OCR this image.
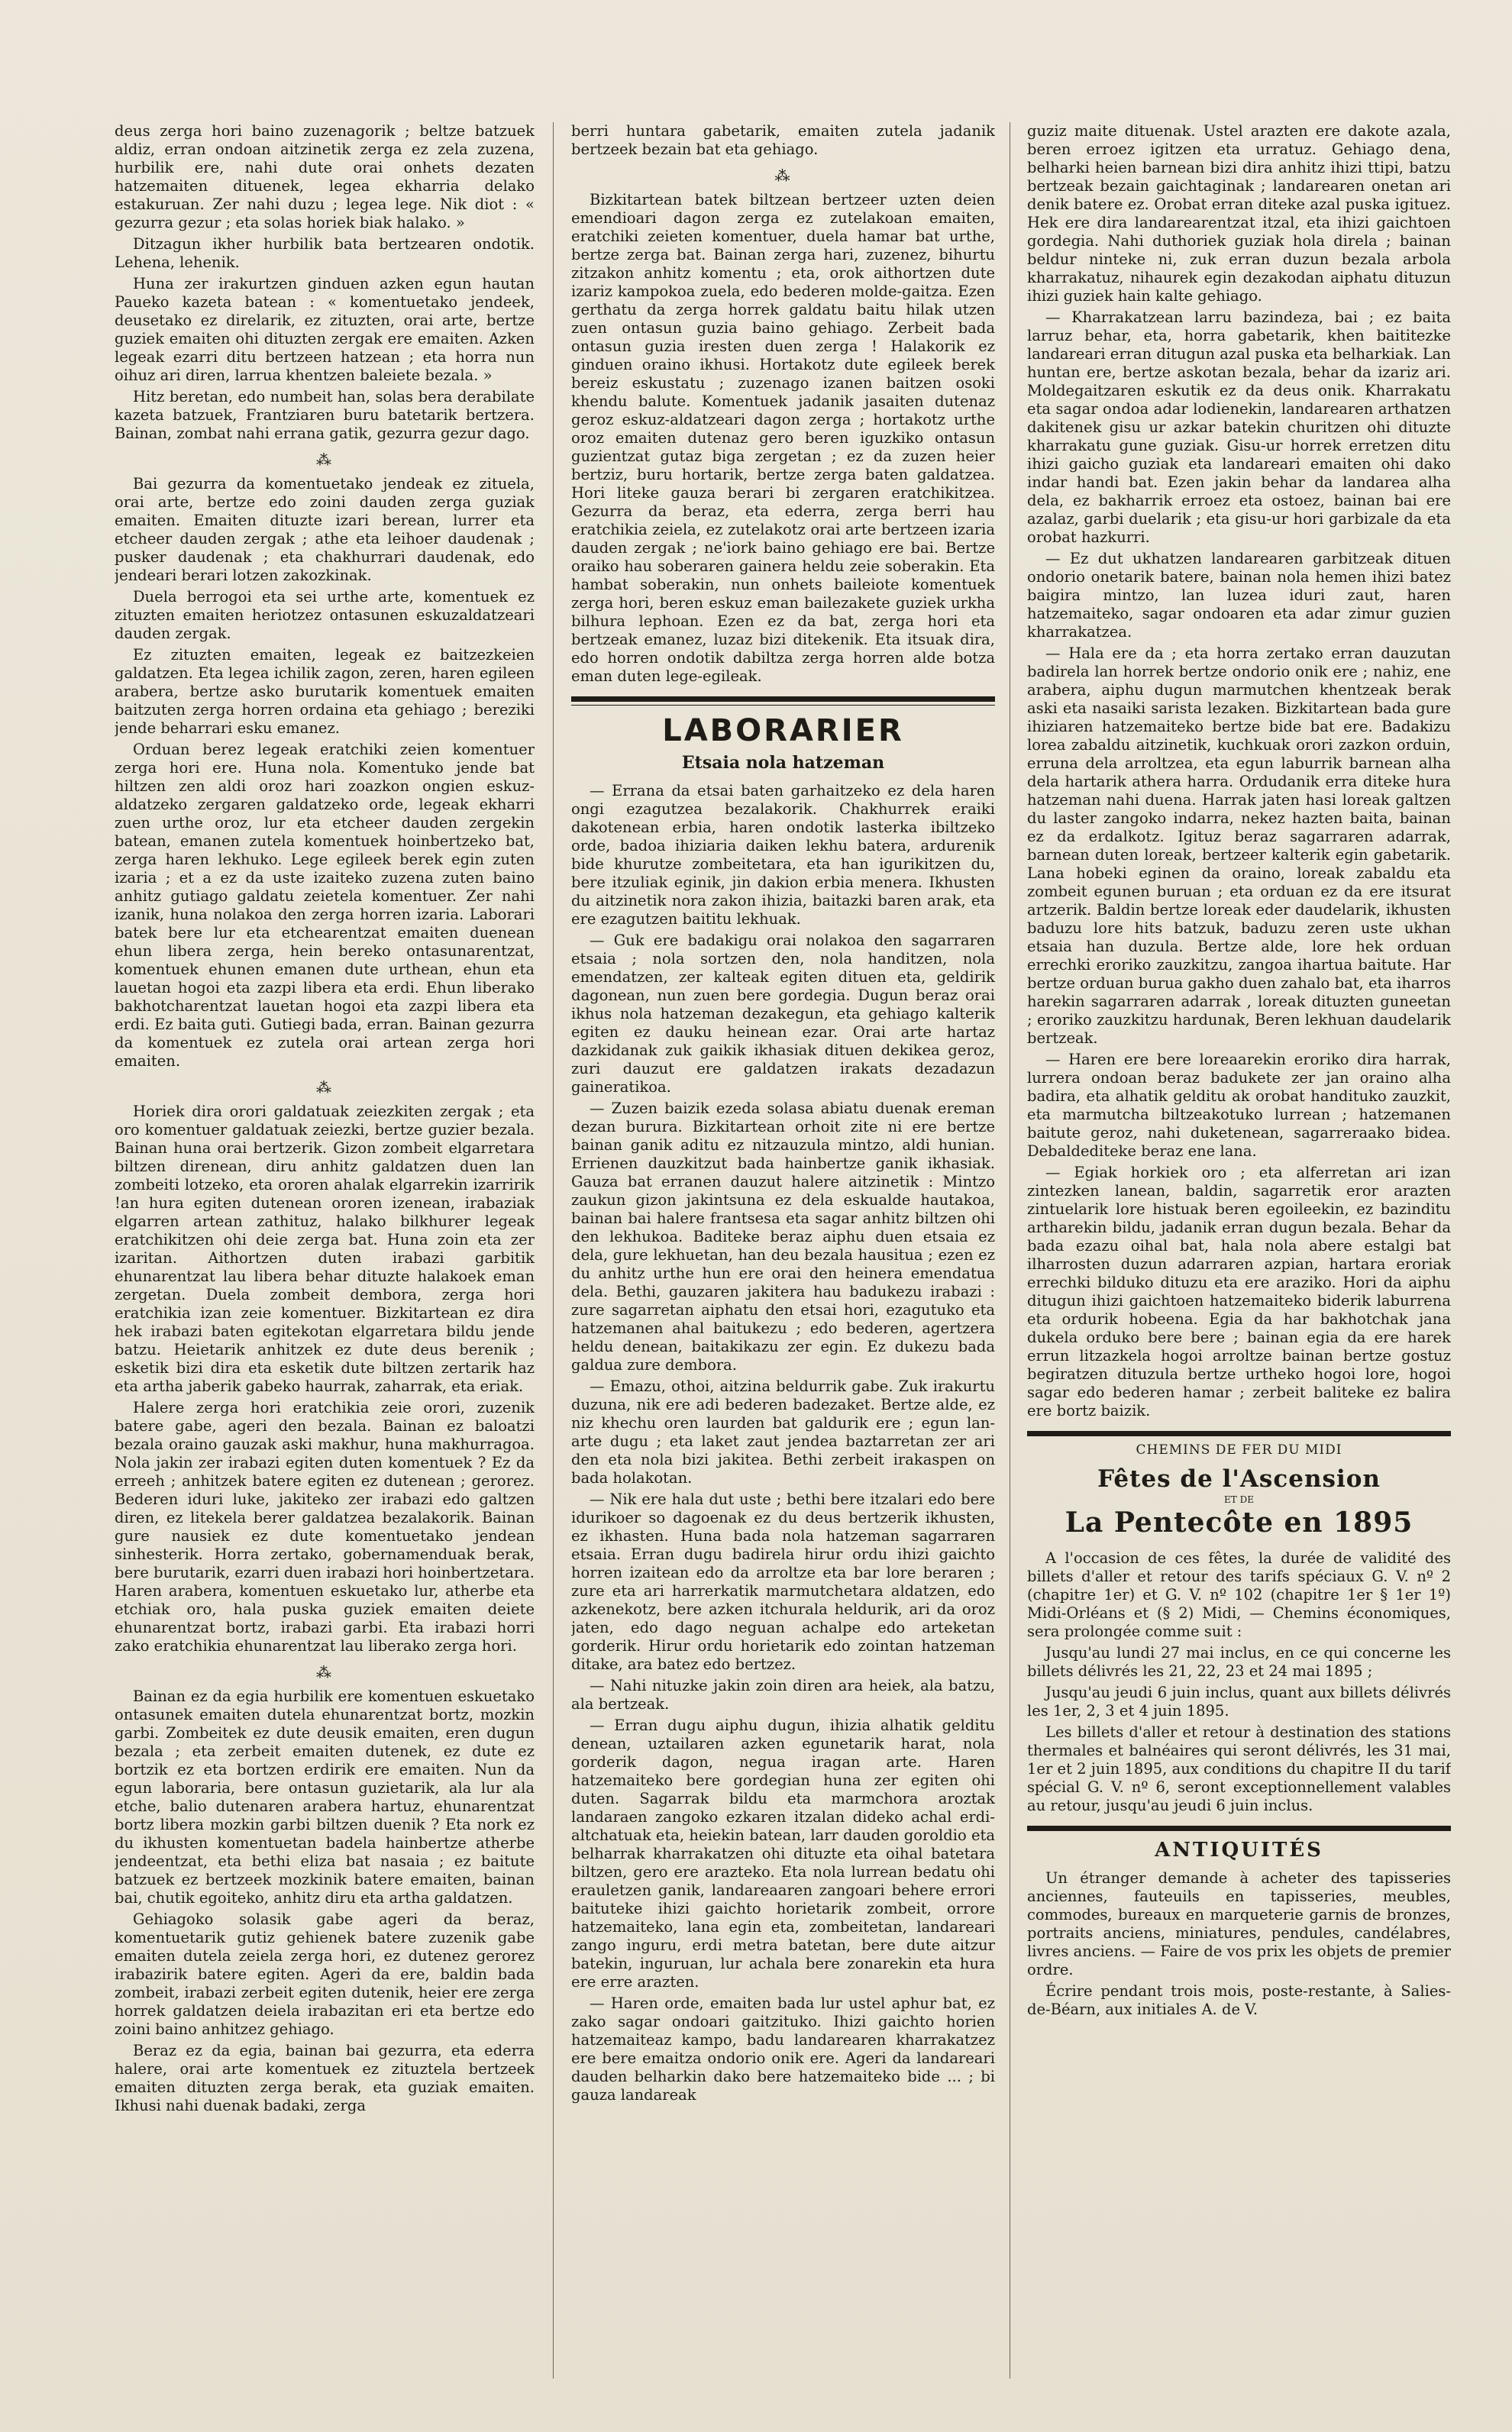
deus zerga hori baino zuzenagorik ; beltze batzuek aldiz, erran ondoan aitzinetik zerga ez zela zuzena, hurbilik ere, nahi dute orai onhets dezaten hatzemaiten dituenek, legea ekharria delako estakuruan. Zer nahi duzu ; legea lege. Nik diot : « gezurra gezur ; eta solas horiek biak halako. »

Ditzagun ikher hurbilik bata bertzearen ondotik. Lehena, lehenik.

Huna zer irakurtzen ginduen azken egun hautan Paueko kazeta batean : « komentuetako jendeek, deusetako ez direlarik, ez zituzten, orai arte, bertze guziek emaiten ohi dituzten zergak ere emaiten. Azken legeak ezarri ditu bertzeen hatzean ; eta horra nun oihuz ari diren, larrua khentzen baleiete bezala. »

Hitz beretan, edo numbeit han, solas bera derabilate kazeta batzuek, Frantziaren buru batetarik bertzera. Bainan, zombat nahi errana gatik, gezurra gezur dago.

⁂

Bai gezurra da komentuetako jendeak ez zituela, orai arte, bertze edo zoini dauden zerga guziak emaiten. Emaiten dituzte izari berean, lurrer eta etcheer dauden zergak ; athe eta leihoer daudenak ; pusker daudenak ; eta chakhurrari daudenak, edo jendeari berari lotzen zakozkinak.

Duela berrogoi eta sei urthe arte, komentuek ez zituzten emaiten heriotzez ontasunen eskuzaldatzeari dauden zergak.

Ez zituzten emaiten, legeak ez baitzezkeien galdatzen. Eta legea ichilik zagon, zeren, haren egileen arabera, bertze asko burutarik komentuek emaiten baitzuten zerga horren ordaina eta gehiago ; bereziki jende beharrari esku emanez.

Orduan berez legeak eratchiki zeien komentuer zerga hori ere. Huna nola. Komentuko jende bat hiltzen zen aldi oroz hari zoazkon ongien eskuz-aldatzeko zergaren galdatzeko orde, legeak ekharri zuen urthe oroz, lur eta etcheer dauden zergekin batean, emanen zutela komentuek hoinbertzeko bat, zerga haren lekhuko. Lege egileek berek egin zuten izaria ; et a ez da uste izaiteko zuzena zuten baino anhitz gutiago galdatu zeietela komentuer. Zer nahi izanik, huna nolakoa den zerga horren izaria. Laborari batek bere lur eta etchearentzat emaiten duenean ehun libera zerga, hein bereko ontasunarentzat, komentuek ehunen emanen dute urthean, ehun eta lauetan hogoi eta zazpi libera eta erdi. Ehun liberako bakhotcharentzat lauetan hogoi eta zazpi libera eta erdi. Ez baita guti. Gutiegi bada, erran. Bainan gezurra da komentuek ez zutela orai artean zerga hori emaiten.

⁂

Horiek dira orori galdatuak zeiezkiten zergak ; eta oro komentuer galdatuak zeiezki, bertze guzier bezala. Bainan huna orai bertzerik. Gizon zombeit elgarretara biltzen direnean, diru anhitz galdatzen duen lan zombeiti lotzeko, eta ororen ahalak elgarrekin izarririk !an hura egiten dutenean ororen izenean, irabaziak elgarren artean zathituz, halako bilkhurer legeak eratchikitzen ohi deie zerga bat. Huna zoin eta zer izaritan. Aithortzen duten irabazi garbitik ehunarentzat lau libera behar dituzte halakoek eman zergetan. Duela zombeit dembora, zerga hori eratchikia izan zeie komentuer. Bizkitartean ez dira hek irabazi baten egitekotan elgarretara bildu jende batzu. Heietarik anhitzek ez dute deus berenik ; esketik bizi dira eta esketik dute biltzen zertarik haz eta artha jaberik gabeko haurrak, zaharrak, eta eriak.

Halere zerga hori eratchikia zeie orori, zuzenik batere gabe, ageri den bezala. Bainan ez baloatzi bezala oraino gauzak aski makhur, huna makhurragoa. Nola jakin zer irabazi egiten duten komentuek ? Ez da erreeh ; anhitzek batere egiten ez dutenean ; gerorez. Bederen iduri luke, jakiteko zer irabazi edo galtzen diren, ez litekela berer galdatzea bezalakorik. Bainan gure nausiek ez dute komentuetako jendean sinhesterik. Horra zertako, gobernamenduak berak, bere burutarik, ezarri duen irabazi hori hoinbertzetara. Haren arabera, komentuen eskuetako lur, atherbe eta etchiak oro, hala puska guziek emaiten deiete ehunarentzat bortz, irabazi garbi. Eta irabazi horri zako eratchikia ehunarentzat lau liberako zerga hori.

⁂

Bainan ez da egia hurbilik ere komentuen eskuetako ontasunek emaiten dutela ehunarentzat bortz, mozkin garbi. Zombeitek ez dute deusik emaiten, eren dugun bezala ; eta zerbeit emaiten dutenek, ez dute ez bortzik ez eta bortzen erdirik ere emaiten. Nun da egun laboraria, bere ontasun guzietarik, ala lur ala etche, balio dutenaren arabera hartuz, ehunarentzat bortz libera mozkin garbi biltzen duenik ? Eta nork ez du ikhusten komentuetan badela hainbertze atherbe jendeentzat, eta bethi eliza bat nasaia ; ez baitute batzuek ez bertzeek mozkinik batere emaiten, bainan bai, chutik egoiteko, anhitz diru eta artha galdatzen.

Gehiagoko solasik gabe ageri da beraz, komentuetarik gutiz gehienek batere zuzenik gabe emaiten dutela zeiela zerga hori, ez dutenez gerorez irabazirik batere egiten. Ageri da ere, baldin bada zombeit, irabazi zerbeit egiten dutenik, heier ere zerga horrek galdatzen deiela irabazitan eri eta bertze edo zoini baino anhitzez gehiago.

Beraz ez da egia, bainan bai gezurra, eta ederra halere, orai arte komentuek ez zituztela bertzeek emaiten dituzten zerga berak, eta guziak emaiten. Ikhusi nahi duenak badaki, zerga

berri huntara gabetarik, emaiten zutela jadanik bertzeek bezain bat eta gehiago.

⁂

Bizkitartean batek biltzean bertzeer uzten deien emendioari dagon zerga ez zutelakoan emaiten, eratchiki zeieten komentuer, duela hamar bat urthe, bertze zerga bat. Bainan zerga hari, zuzenez, bihurtu zitzakon anhitz komentu ; eta, orok aithortzen dute izariz kampokoa zuela, edo bederen molde-gaitza. Ezen gerthatu da zerga horrek galdatu baitu hilak utzen zuen ontasun guzia baino gehiago. Zerbeit bada ontasun guzia iresten duen zerga ! Halakorik ez ginduen oraino ikhusi. Hortakotz dute egileek berek bereiz eskustatu ; zuzenago izanen baitzen osoki khendu balute. Komentuek jadanik jasaiten dutenaz geroz eskuz-aldatzeari dagon zerga ; hortakotz urthe oroz emaiten dutenaz gero beren iguzkiko ontasun guzientzat gutaz biga zergetan ; ez da zuzen heier bertziz, buru hortarik, bertze zerga baten galdatzea. Hori liteke gauza berari bi zergaren eratchikitzea. Gezurra da beraz, eta ederra, zerga berri hau eratchikia zeiela, ez zutelakotz orai arte bertzeen izaria dauden zergak ; ne'iork baino gehiago ere bai. Bertze oraiko hau soberaren gainera heldu zeie soberakin. Eta hambat soberakin, nun onhets baileiote komentuek zerga hori, beren eskuz eman bailezakete guziek urkha bilhura lephoan. Ezen ez da bat, zerga hori eta bertzeak emanez, luzaz bizi ditekenik. Eta itsuak dira, edo horren ondotik dabiltza zerga horren alde botza eman duten lege-egileak.

LABORARIER
Etsaia nola hatzeman

— Errana da etsai baten garhaitzeko ez dela haren ongi ezagutzea bezalakorik. Chakhurrek eraiki dakotenean erbia, haren ondotik lasterka ibiltzeko orde, badoa ihiziaria daiken lekhu batera, ardurenik bide khurutze zombeitetara, eta han igurikitzen du, bere itzuliak eginik, jin dakion erbia menera. Ikhusten du aitzinetik nora zakon ihizia, baitazki baren arak, eta ere ezagutzen baititu lekhuak.

— Guk ere badakigu orai nolakoa den sagarraren etsaia ; nola sortzen den, nola handitzen, nola emendatzen, zer kalteak egiten dituen eta, geldirik dagonean, nun zuen bere gordegia. Dugun beraz orai ikhus nola hatzeman dezakegun, eta gehiago kalterik egiten ez dauku heinean ezar. Orai arte hartaz dazkidanak zuk gaikik ikhasiak dituen dekikea geroz, zuri dauzut ere galdatzen irakats dezadazun gaineratikoa.

— Zuzen baizik ezeda solasa abiatu duenak ereman dezan burura. Bizkitartean orhoit zite ni ere bertze bainan ganik aditu ez nitzauzula mintzo, aldi hunian. Errienen dauzkitzut bada hainbertze ganik ikhasiak. Gauza bat erranen dauzut halere aitzinetik : Mintzo zaukun gizon jakintsuna ez dela eskualde hautakoa, bainan bai halere frantsesa eta sagar anhitz biltzen ohi den lekhukoa. Baditeke beraz aiphu duen etsaia ez dela, gure lekhuetan, han deu bezala hausitua ; ezen ez du anhitz urthe hun ere orai den heinera emendatua dela. Bethi, gauzaren jakitera hau badukezu irabazi : zure sagarretan aiphatu den etsai hori, ezagutuko eta hatzemanen ahal baitukezu ; edo bederen, agertzera heldu denean, baitakikazu zer egin. Ez dukezu bada galdua zure dembora.

— Emazu, othoi, aitzina beldurrik gabe. Zuk irakurtu duzuna, nik ere adi bederen badezaket. Bertze alde, ez niz khechu oren laurden bat galdurik ere ; egun lan-arte dugu ; eta laket zaut jendea baztarretan zer ari den eta nola bizi jakitea. Bethi zerbeit irakaspen on bada holakotan.

— Nik ere hala dut uste ; bethi bere itzalari edo bere idurikoer so dagoenak ez du deus bertzerik ikhusten, ez ikhasten. Huna bada nola hatzeman sagarraren etsaia. Erran dugu badirela hirur ordu ihizi gaichto horren izaitean edo da arroltze eta bar lore beraren ; zure eta ari harrerkatik marmutchetara aldatzen, edo azkenekotz, bere azken itchurala heldurik, ari da oroz jaten, edo dago neguan achalpe edo arteketan gorderik. Hirur ordu horietarik edo zointan hatzeman ditake, ara batez edo bertzez.

— Nahi nituzke jakin zoin diren ara heiek, ala batzu, ala bertzeak.

— Erran dugu aiphu dugun, ihizia alhatik gelditu denean, uztailaren azken egunetarik harat, nola gorderik dagon, negua iragan arte. Haren hatzemaiteko bere gordegian huna zer egiten ohi duten. Sagarrak bildu eta marmchora aroztak landaraen zangoko ezkaren itzalan dideko achal erdi-altchatuak eta, heiekin batean, larr dauden goroldio eta belharrak kharrakatzen ohi dituzte eta oihal batetara biltzen, gero ere arazteko. Eta nola lurrean bedatu ohi erauletzen ganik, landareaaren zangoari behere errori baituteke ihizi gaichto horietarik zombeit, orrore hatzemaiteko, lana egin eta, zombeitetan, landareari zango inguru, erdi metra batetan, bere dute aitzur batekin, inguruan, lur achala bere zonarekin eta hura ere erre arazten.

— Haren orde, emaiten bada lur ustel aphur bat, ez zako sagar ondoari gaitzituko. Ihizi gaichto horien hatzemaiteaz kampo, badu landarearen kharrakatzez ere bere emaitza ondorio onik ere. Ageri da landareari dauden belharkin dako bere hatzemaiteko bide ... ; bi gauza landareak

guziz maite dituenak. Ustel arazten ere dakote azala, beren erroez igitzen eta urratuz. Gehiago dena, belharki heien barnean bizi dira anhitz ihizi ttipi, batzu bertzeak bezain gaichtaginak ; landarearen onetan ari denik batere ez. Orobat erran diteke azal puska igituez. Hek ere dira landarearentzat itzal, eta ihizi gaichtoen gordegia. Nahi duthoriek guziak hola direla ; bainan beldur ninteke ni, zuk erran duzun bezala arbola kharrakatuz, nihaurek egin dezakodan aiphatu dituzun ihizi guziek hain kalte gehiago.

— Kharrakatzean larru bazindeza, bai ; ez baita larruz behar, eta, horra gabetarik, khen baititezke landareari erran ditugun azal puska eta belharkiak. Lan huntan ere, bertze askotan bezala, behar da izariz ari. Moldegaitzaren eskutik ez da deus onik. Kharrakatu eta sagar ondoa adar lodienekin, landarearen arthatzen dakitenek gisu ur azkar batekin churitzen ohi dituzte kharrakatu gune guziak. Gisu-ur horrek erretzen ditu ihizi gaicho guziak eta landareari emaiten ohi dako indar handi bat. Ezen jakin behar da landarea alha dela, ez bakharrik erroez eta ostoez, bainan bai ere azalaz, garbi duelarik ; eta gisu-ur hori garbizale da eta orobat hazkurri.

— Ez dut ukhatzen landarearen garbitzeak dituen ondorio onetarik batere, bainan nola hemen ihizi batez baigira mintzo, lan luzea iduri zaut, haren hatzemaiteko, sagar ondoaren eta adar zimur guzien kharrakatzea.

— Hala ere da ; eta horra zertako erran dauzutan badirela lan horrek bertze ondorio onik ere ; nahiz, ene arabera, aiphu dugun marmutchen khentzeak berak aski eta nasaiki sarista lezaken. Bizkitartean bada gure ihiziaren hatzemaiteko bertze bide bat ere. Badakizu lorea zabaldu aitzinetik, kuchkuak orori zazkon orduin, erruna dela arroltzea, eta egun laburrik barnean alha dela hartarik athera harra. Ordudanik erra diteke hura hatzeman nahi duena. Harrak jaten hasi loreak galtzen du laster zangoko indarra, nekez hazten baita, bainan ez da erdalkotz. Igituz beraz sagarraren adarrak, barnean duten loreak, bertzeer kalterik egin gabetarik. Lana hobeki eginen da oraino, loreak zabaldu eta zombeit egunen buruan ; eta orduan ez da ere itsurat artzerik. Baldin bertze loreak eder daudelarik, ikhusten baduzu lore hits batzuk, baduzu zeren uste ukhan etsaia han duzula. Bertze alde, lore hek orduan errechki eroriko zauzkitzu, zangoa ihartua baitute. Har bertze orduan burua gakho duen zahalo bat, eta iharros harekin sagarraren adarrak , loreak dituzten guneetan ; eroriko zauzkitzu hardunak, Beren lekhuan daudelarik bertzeak.

— Haren ere bere loreaarekin eroriko dira harrak, lurrera ondoan beraz badukete zer jan oraino alha badira, eta alhatik gelditu ak orobat handituko zauzkit, eta marmutcha biltzeakotuko lurrean ; hatzemanen baitute geroz, nahi duketenean, sagarreraako bidea. Debaldediteke beraz ene lana.

— Egiak horkiek oro ; eta alferretan ari izan zintezken lanean, baldin, sagarretik eror arazten zintuelarik lore histuak beren egoileekin, ez bazinditu artharekin bildu, jadanik erran dugun bezala. Behar da bada ezazu oihal bat, hala nola abere estalgi bat ilharrosten duzun adarraren azpian, hartara eroriak errechki bilduko dituzu eta ere araziko. Hori da aiphu ditugun ihizi gaichtoen hatzemaiteko biderik laburrena eta ordurik hobeena. Egia da har bakhotchak jana dukela orduko bere bere ; bainan egia da ere harek errun litzazkela hogoi arroltze bainan bertze gostuz begiratzen dituzula bertze urtheko hogoi lore, hogoi sagar edo bederen hamar ; zerbeit baliteke ez balira ere bortz baizik.

CHEMINS DE FER DU MIDI
Fêtes de l'Ascension
ET DE
La Pentecôte en 1895

A l'occasion de ces fêtes, la durée de validité des billets d'aller et retour des tarifs spéciaux G. V. nº 2 (chapitre 1er) et G. V. nº 102 (chapitre 1er § 1er 1º) Midi-Orléans et (§ 2) Midi, — Chemins économiques, sera prolongée comme suit :

Jusqu'au lundi 27 mai inclus, en ce qui concerne les billets délivrés les 21, 22, 23 et 24 mai 1895 ;

Jusqu'au jeudi 6 juin inclus, quant aux billets délivrés les 1er, 2, 3 et 4 juin 1895.

Les billets d'aller et retour à destination des stations thermales et balnéaires qui seront délivrés, les 31 mai, 1er et 2 juin 1895, aux conditions du chapitre II du tarif spécial G. V. nº 6, seront exceptionnellement valables au retour, jusqu'au jeudi 6 juin inclus.

ANTIQUITÉS

Un étranger demande à acheter des tapisseries anciennes, fauteuils en tapisseries, meubles, commodes, bureaux en marqueterie garnis de bronzes, portraits anciens, miniatures, pendules, candélabres, livres anciens. — Faire de vos prix les objets de premier ordre.

Écrire pendant trois mois, poste-restante, à Salies-de-Béarn, aux initiales A. de V.
